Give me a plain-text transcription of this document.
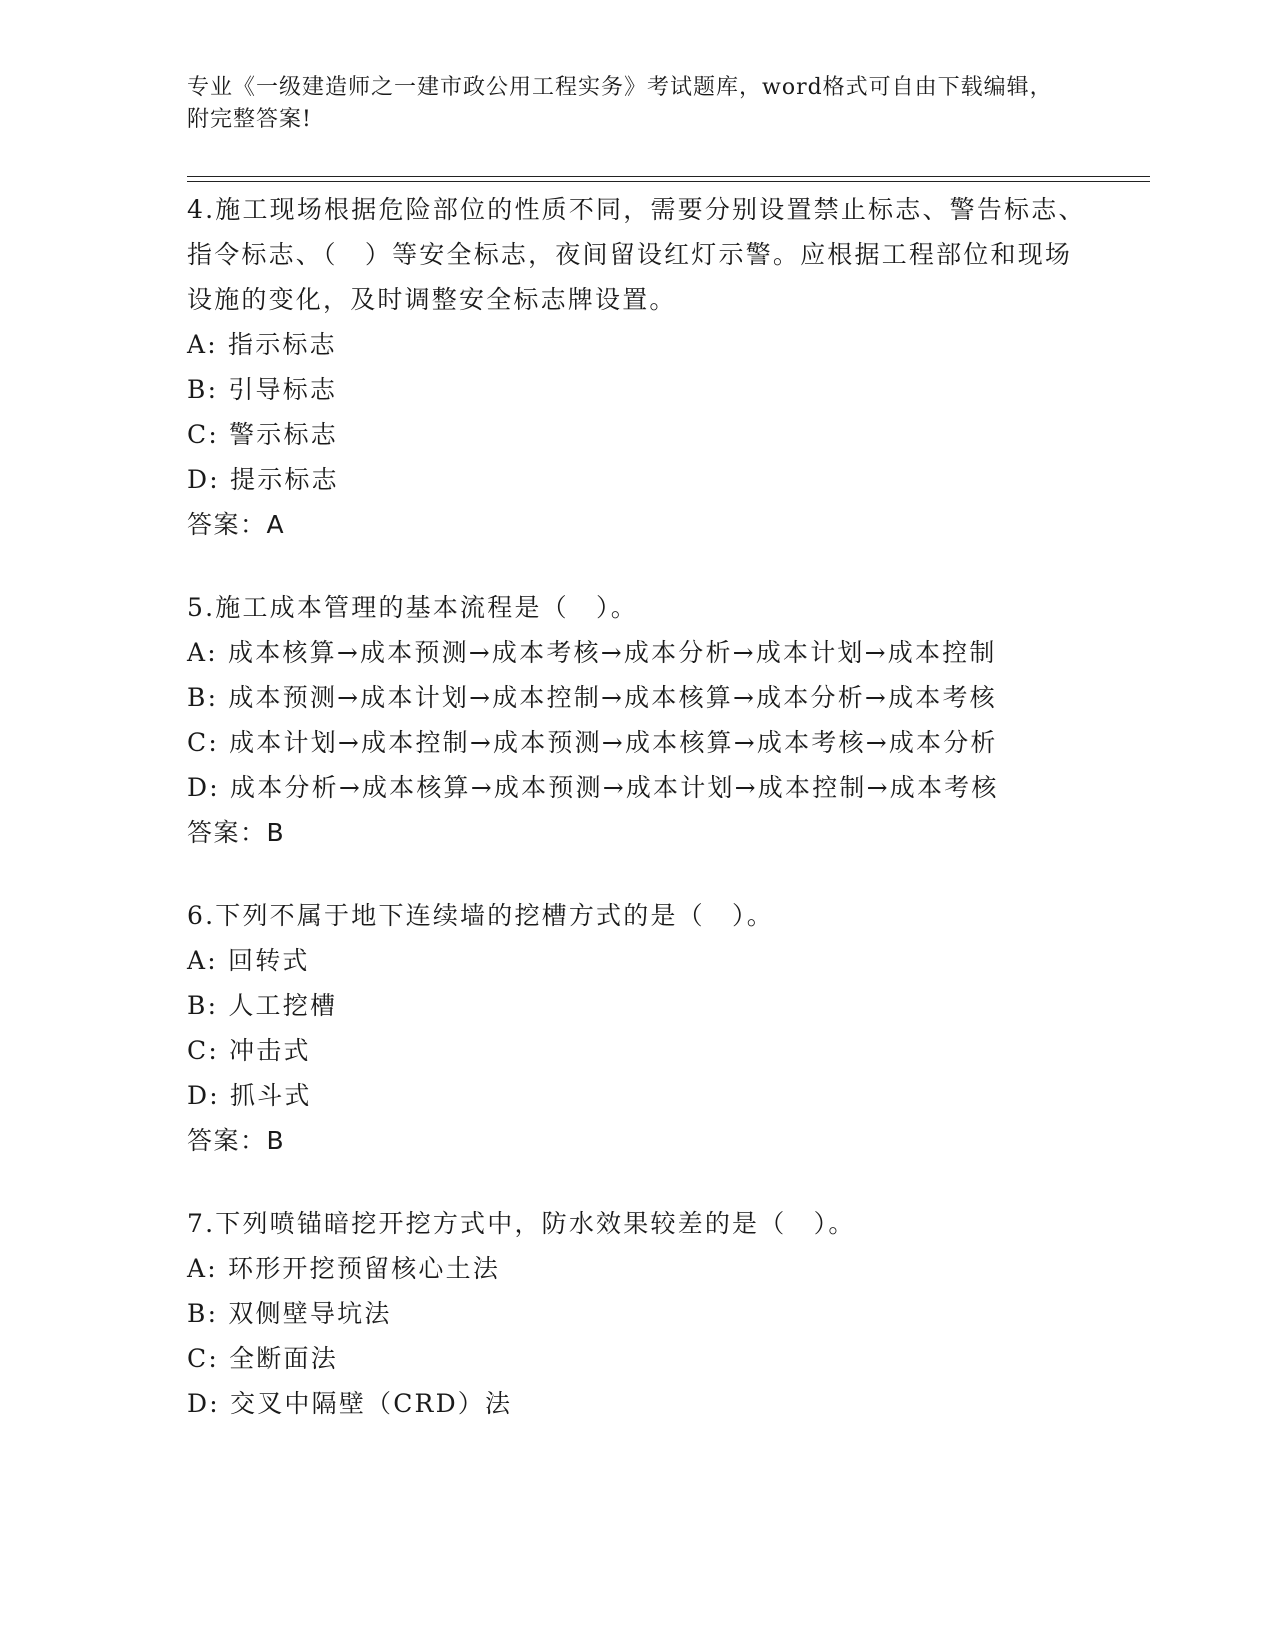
专业《一级建造师之一建市政公用工程实务》考试题库，word格式可自由下载编辑，附完整答案!
4.施工现场根据危险部位的性质不同，需要分别设置禁止标志、警告标志、指令标志、（　）等安全标志，夜间留设红灯示警。应根据工程部位和现场设施的变化，及时调整安全标志牌设置。
A: 指示标志
B: 引导标志
C: 警示标志
D: 提示标志
答案：A
5.施工成本管理的基本流程是（　）。
A: 成本核算→成本预测→成本考核→成本分析→成本计划→成本控制
B: 成本预测→成本计划→成本控制→成本核算→成本分析→成本考核
C: 成本计划→成本控制→成本预测→成本核算→成本考核→成本分析
D: 成本分析→成本核算→成本预测→成本计划→成本控制→成本考核
答案：B
6.下列不属于地下连续墙的挖槽方式的是（　）。
A: 回转式
B: 人工挖槽
C: 冲击式
D: 抓斗式
答案：B
7.下列喷锚暗挖开挖方式中，防水效果较差的是（　）。
A: 环形开挖预留核心土法
B: 双侧壁导坑法
C: 全断面法
D: 交叉中隔壁（CRD）法
